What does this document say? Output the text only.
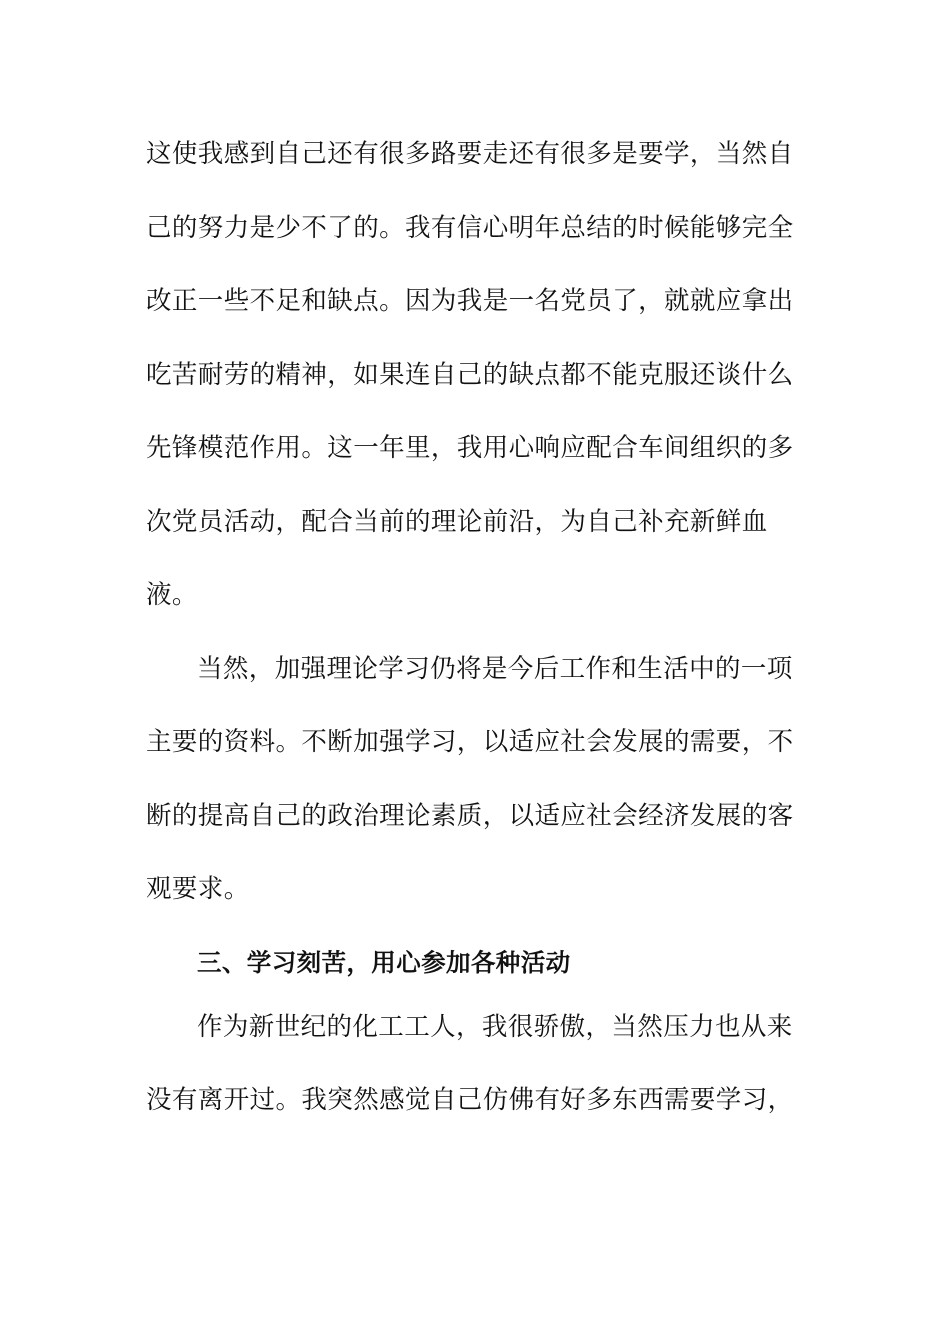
这使我感到自己还有很多路要走还有很多是要学，当然自
己的努力是少不了的。我有信心明年总结的时候能够完全
改正一些不足和缺点。因为我是一名党员了，就就应拿出
吃苦耐劳的精神，如果连自己的缺点都不能克服还谈什么
先锋模范作用。这一年里，我用心响应配合车间组织的多
次党员活动，配合当前的理论前沿，为自己补充新鲜血
液。
当然，加强理论学习仍将是今后工作和生活中的一项
主要的资料。不断加强学习，以适应社会发展的需要，不
断的提高自己的政治理论素质，以适应社会经济发展的客
观要求。
三、学习刻苦，用心参加各种活动
作为新世纪的化工工人，我很骄傲，当然压力也从来
没有离开过。我突然感觉自己仿佛有好多东西需要学习，
